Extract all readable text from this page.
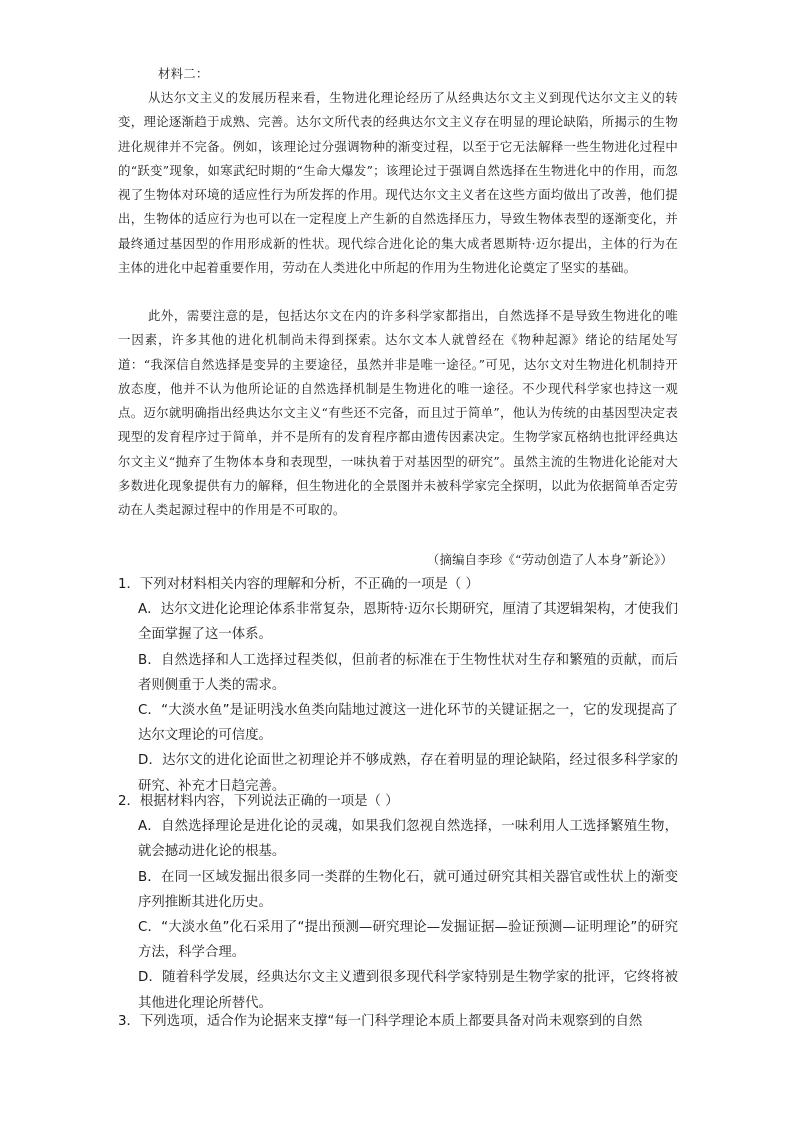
材料二：
从达尔文主义的发展历程来看，生物进化理论经历了从经典达尔文主义到现代达尔文主义的转变，理论逐渐趋于成熟、完善。达尔文所代表的经典达尔文主义存在明显的理论缺陷，所揭示的生物进化规律并不完备。例如，该理论过分强调物种的渐变过程，以至于它无法解释一些生物进化过程中的“跃变”现象，如寒武纪时期的“生命大爆发”；该理论过于强调自然选择在生物进化中的作用，而忽视了生物体对环境的适应性行为所发挥的作用。现代达尔文主义者在这些方面均做出了改善，他们提出，生物体的适应行为也可以在一定程度上产生新的自然选择压力，导致生物体表型的逐渐变化，并最终通过基因型的作用形成新的性状。现代综合进化论的集大成者恩斯特·迈尔提出，主体的行为在主体的进化中起着重要作用，劳动在人类进化中所起的作用为生物进化论奠定了坚实的基础。
此外，需要注意的是，包括达尔文在内的许多科学家都指出，自然选择不是导致生物进化的唯一因素，许多其他的进化机制尚未得到探索。达尔文本人就曾经在《物种起源》绪论的结尾处写道：“我深信自然选择是变异的主要途径，虽然并非是唯一途径。”可见，达尔文对生物进化机制持开放态度，他并不认为他所论证的自然选择机制是生物进化的唯一途径。不少现代科学家也持这一观点。迈尔就明确指出经典达尔文主义“有些还不完备，而且过于简单”，他认为传统的由基因型决定表现型的发育程序过于简单，并不是所有的发育程序都由遗传因素决定。生物学家瓦格纳也批评经典达尔文主义“抛弃了生物体本身和表现型，一味执着于对基因型的研究”。虽然主流的生物进化论能对大多数进化现象提供有力的解释，但生物进化的全景图并未被科学家完全探明，以此为依据简单否定劳动在人类起源过程中的作用是不可取的。
（摘编自李珍《“劳动创造了人本身”新论》）
1．下列对材料相关内容的理解和分析，不正确的一项是（ ）
A．达尔文进化论理论体系非常复杂，恩斯特·迈尔长期研究，厘清了其逻辑架构，才使我们全面掌握了这一体系。
B．自然选择和人工选择过程类似，但前者的标准在于生物性状对生存和繁殖的贡献，而后者则侧重于人类的需求。
C．“大淡水鱼”是证明浅水鱼类向陆地过渡这一进化环节的关键证据之一，它的发现提高了达尔文理论的可信度。
D．达尔文的进化论面世之初理论并不够成熟，存在着明显的理论缺陷，经过很多科学家的研究、补充才日趋完善。
2．根据材料内容，下列说法正确的一项是（ ）
A．自然选择理论是进化论的灵魂，如果我们忽视自然选择，一味利用人工选择繁殖生物，就会撼动进化论的根基。
B．在同一区域发掘出很多同一类群的生物化石，就可通过研究其相关器官或性状上的渐变序列推断其进化历史。
C．“大淡水鱼”化石采用了“提出预测—研究理论—发掘证据—验证预测—证明理论”的研究方法，科学合理。
D．随着科学发展，经典达尔文主义遭到很多现代科学家特别是生物学家的批评，它终将被其他进化理论所替代。
3．下列选项，适合作为论据来支撑“每一门科学理论本质上都要具备对尚未观察到的自然
